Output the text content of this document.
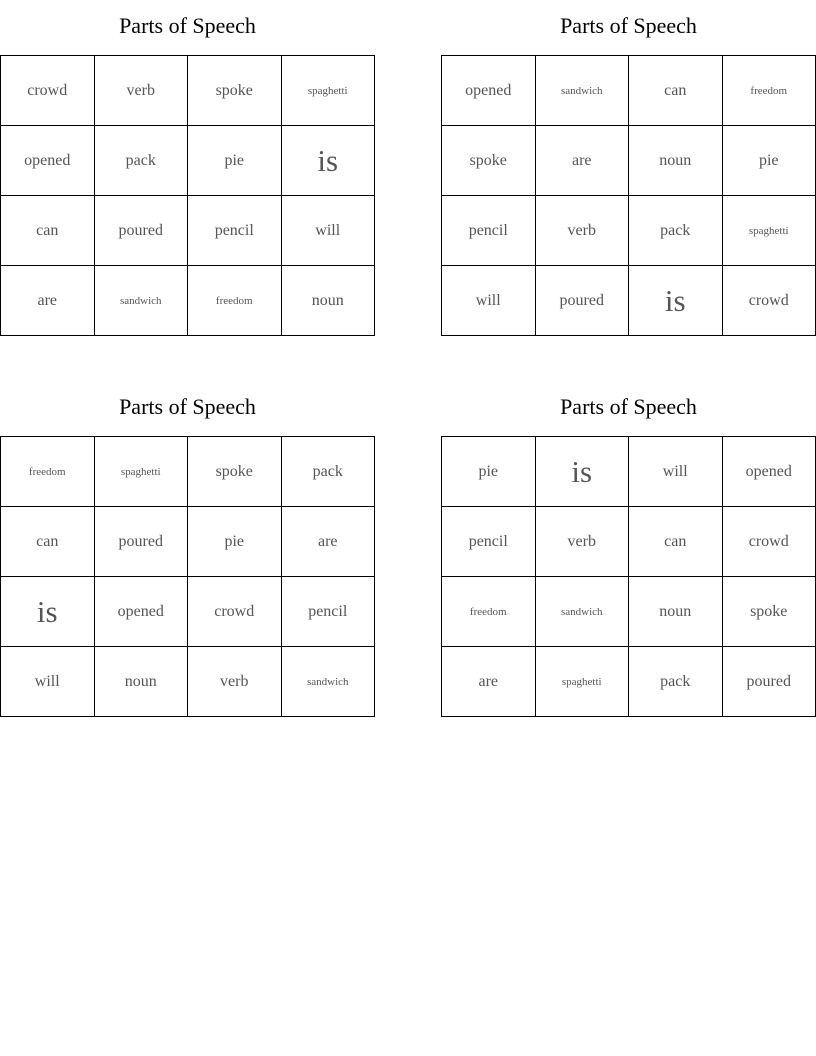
Parts of Speech
crowd	verb	spoke	spaghetti
opened	pack	pie	is
can	poured	pencil	will
are	sandwich	freedom	noun
Parts of Speech
opened	sandwich	can	freedom
spoke	are	noun	pie
pencil	verb	pack	spaghetti
will	poured	is	crowd
Parts of Speech
freedom	spaghetti	spoke	pack
can	poured	pie	are
is	opened	crowd	pencil
will	noun	verb	sandwich
Parts of Speech
pie	is	will	opened
pencil	verb	can	crowd
freedom	sandwich	noun	spoke
are	spaghetti	pack	poured
